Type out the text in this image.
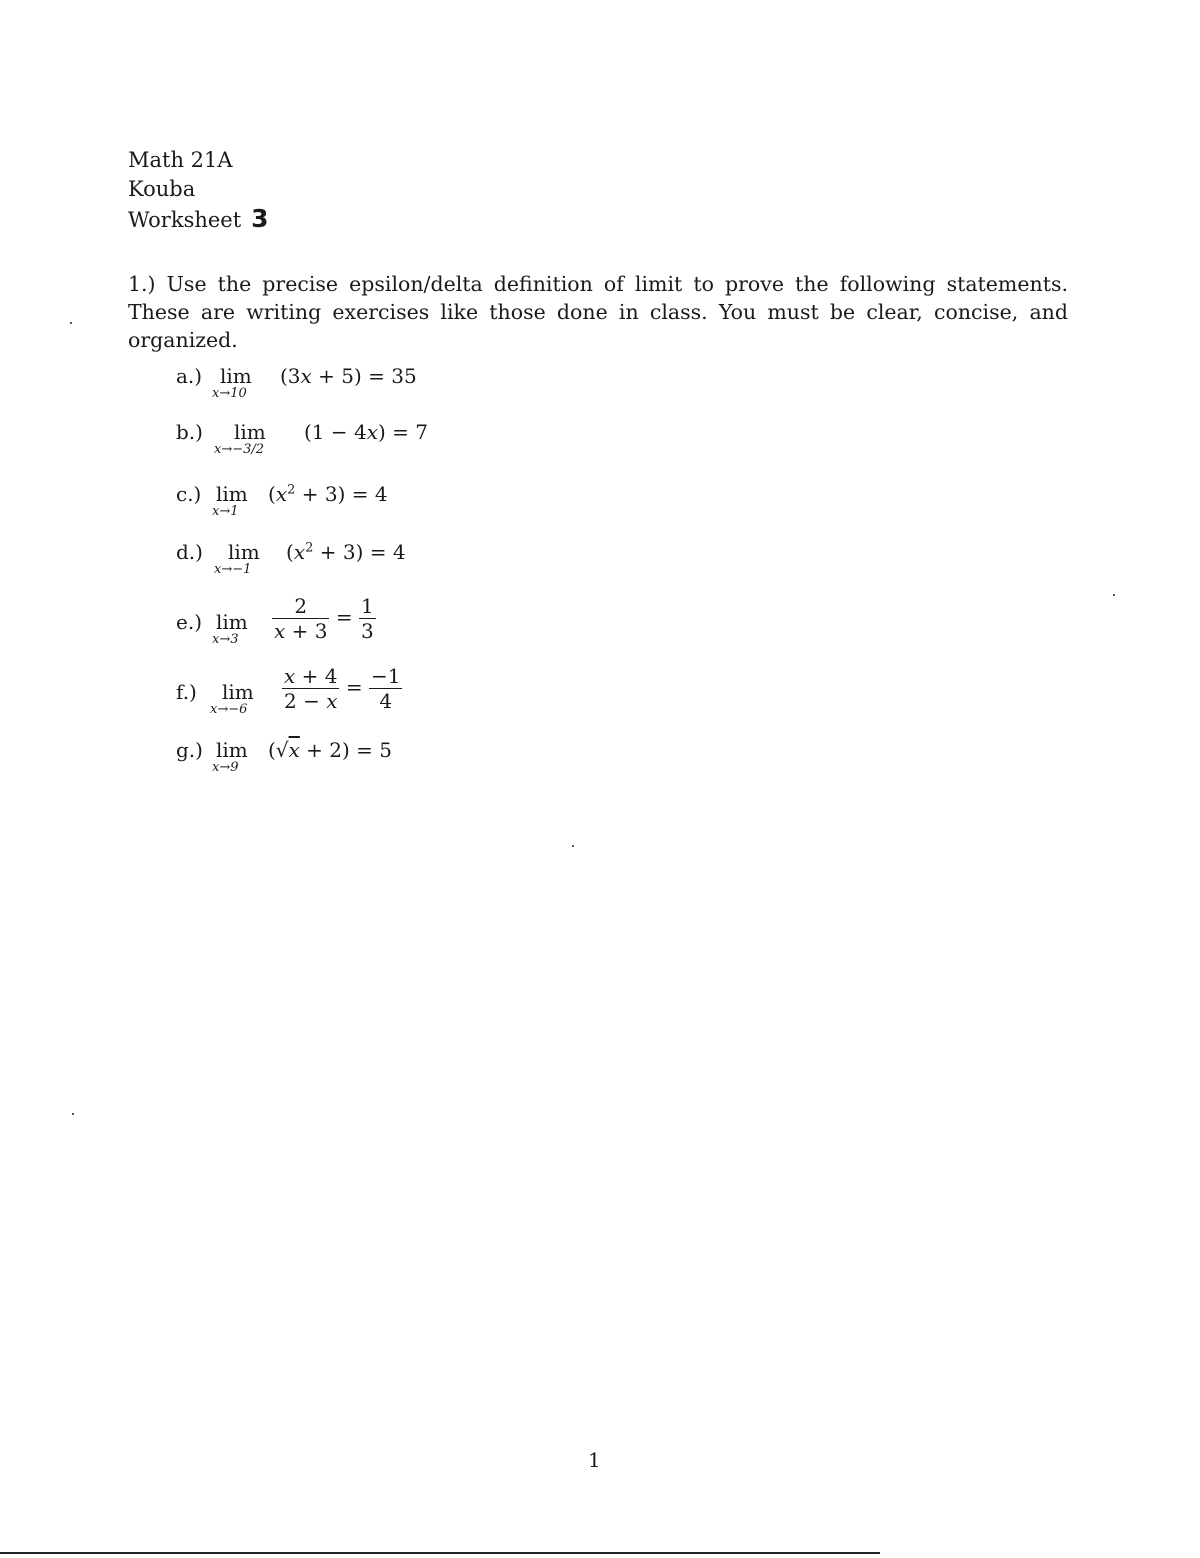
Math 21A
Kouba
Worksheet 3
1.) Use the precise epsilon/delta definition of limit to prove the following statements. These are writing exercises like those done in class. You must be clear, concise, and organized.
a.) lim
x→10
(3x + 5) = 35
b.) lim
x→−3/2
(1 − 4x) = 7
c.) lim
x→1
$(x^2 + 3) = 4$
d.) lim
x→−1
$(x^2 + 3) = 4$
e.) lim
$x\to 3 \frac{2}{x + 3} = \frac{1}{3}$
f.) lim
$x\to-6 \frac{x + 4}{2 - x} = \frac{-1}{4}$
g.) lim
x→9
(√x + 2) = 5
1
